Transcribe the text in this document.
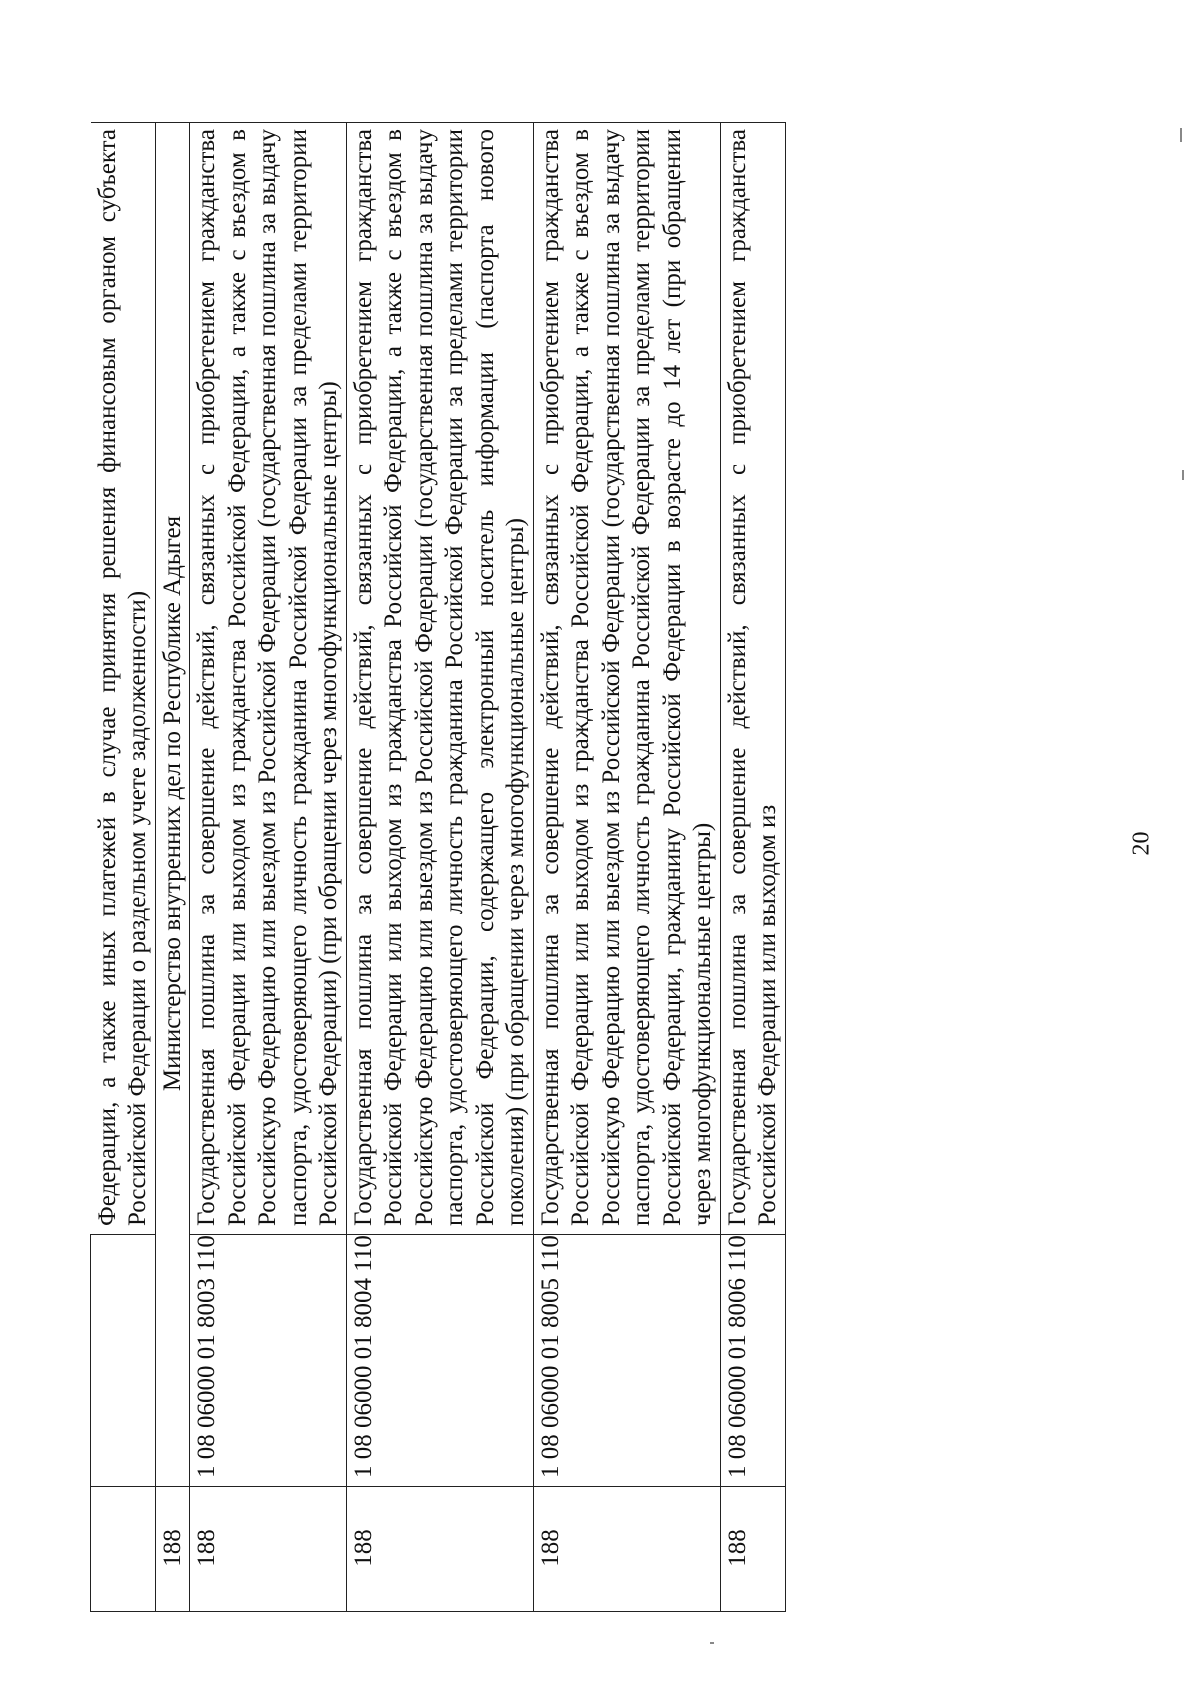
		Федерации, а также иных платежей в случае принятия решения финансовым органом субъекта Российской Федерации о раздельном учете задолженности)
188	Министерство внутренних дел по Республике Адыгея	
188	1 08 06000 01 8003 110	Государственная пошлина за совершение действий, связанных с приобретением гражданства Российской Федерации или выходом из гражданства Российской Федерации, а также с въездом в Российскую Федерацию или выездом из Российской Федерации (государственная пошлина за выдачу паспорта, удостоверяющего личность гражданина Российской Федерации за пределами территории Российской Федерации) (при обращении через многофункциональные центры)
188	1 08 06000 01 8004 110	Государственная пошлина за совершение действий, связанных с приобретением гражданства Российской Федерации или выходом из гражданства Российской Федерации, а также с въездом в Российскую Федерацию или выездом из Российской Федерации (государственная пошлина за выдачу паспорта, удостоверяющего личность гражданина Российской Федерации за пределами территории Российской Федерации, содержащего электронный носитель информации (паспорта нового поколения) (при обращении через многофункциональные центры)
188	1 08 06000 01 8005 110	Государственная пошлина за совершение действий, связанных с приобретением гражданства Российской Федерации или выходом из гражданства Российской Федерации, а также с въездом в Российскую Федерацию или выездом из Российской Федерации (государственная пошлина за выдачу паспорта, удостоверяющего личность гражданина Российской Федерации за пределами территории Российской Федерации, гражданину Российской Федерации в возрасте до 14 лет (при обращении через многофункциональные центры)
188	1 08 06000 01 8006 110	Государственная пошлина за совершение действий, связанных с приобретением гражданства Российской Федерации или выходом из	20
